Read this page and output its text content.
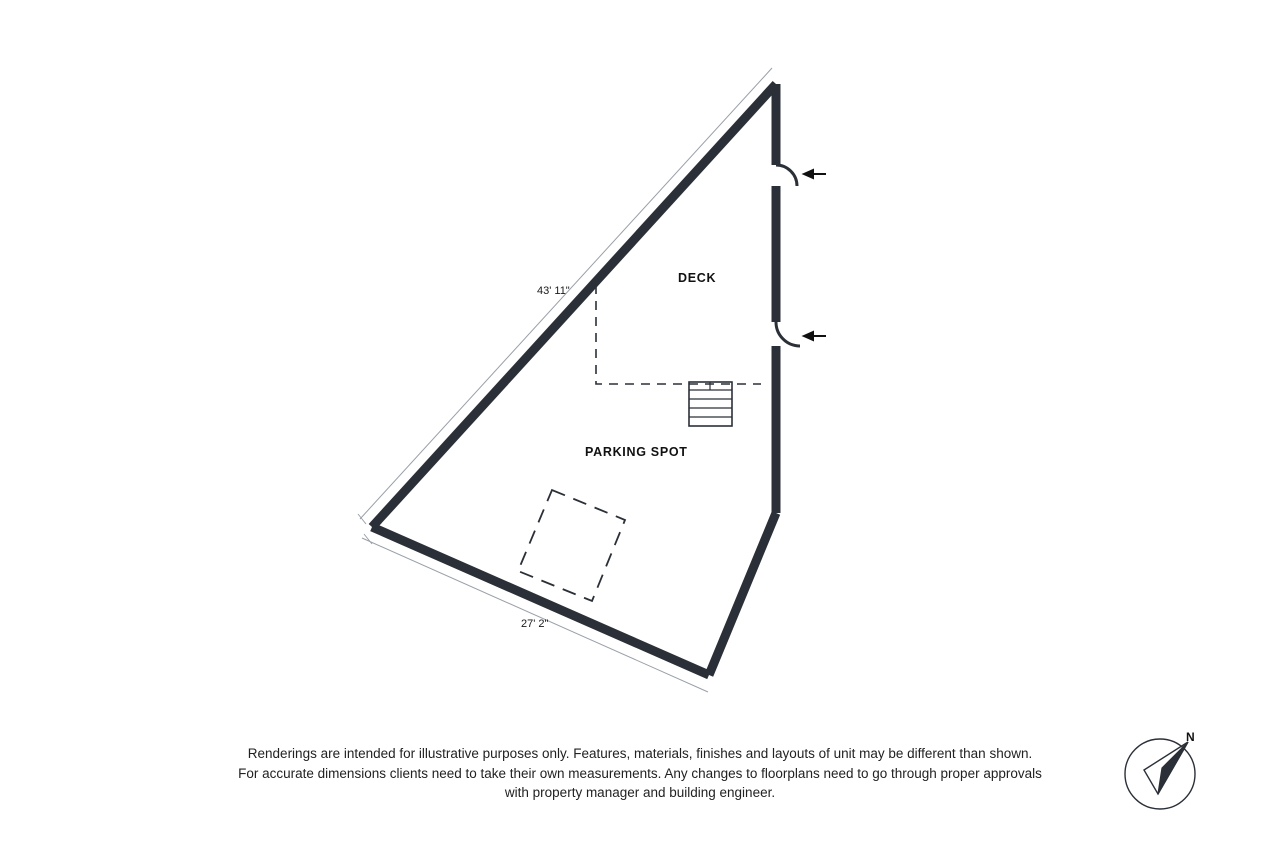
DECK
PARKING SPOT
43' 11"
27' 2"
Renderings are intended for illustrative purposes only. Features, materials, finishes and layouts of unit may be different than shown.
For accurate dimensions clients need to take their own measurements. Any changes to floorplans need to go through proper approvals
with property manager and building engineer.
N
